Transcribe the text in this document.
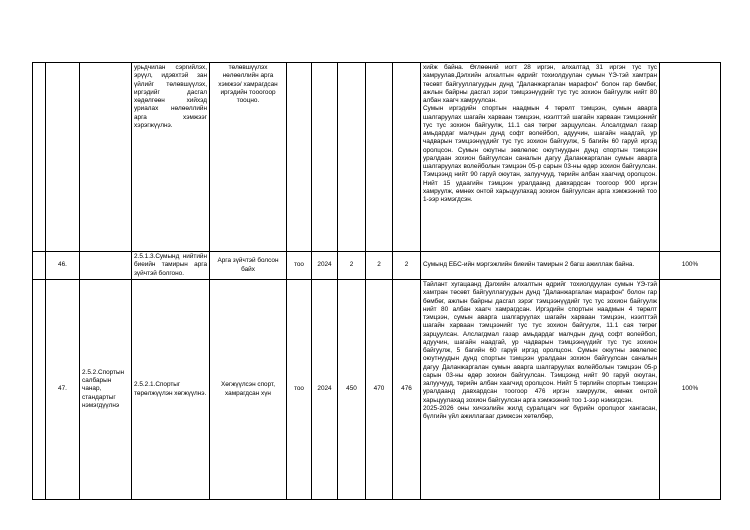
			урьдчилан сэргийлэх, эрүүл, идэвхтэй зан үйлийг төлөвшүүлэх, иргэдийг дасгал хөдөлгөөн хийхэд уриалах нөлөөллийн арга хэмжээг хэрэгжүүлнэ.	төлөвшүүлэх нөлөөллийн арга хэмжээ/ хамрагдсан иргэдийн тооогоор тооцно.						хийж байна. Өглөөний иогт 28 иргэн, алхалтад 31 иргэн тус тус хамруулав.Дэлхийн алхалтын өдрийг тохиолдуулан сумын ҮЭ-тэй хамтран төсөвт байгууллагуудын дунд "Даланжаргалан марафон" болон гар бөмбөг, ажлын байрны дасгал зэрэг тэмцээнүүдийг тус тус зохион байгуулж нийт 80 албан хаагч хамруулсан.
Сумын иргэдийн спортын наадмын 4 төрөлт тэмцээн, сумын аварга шалгаруулах шагайн харваан тэмцээн, нээлттэй шагайн харваан тэмцээнийг тус тус зохион байгуулж, 11.1 сая төгрөг зарцуулсан. Алсалгдмал газар амьдардаг малчдын дунд софт волейбол, адуучин, шагайн наадгай, ур чадварын тэмцээнүүдийг тус тус зохион байгуулж, 5 багийн 60 гаруй иргэд оролцсон. Сумын оюутны зөвлөлөс оюутнуудын дунд спортын тэмцээн уралдаан зохион байгуулсан саналын дагуу Даланжаргалан сумын аварга шалгаруулах волейболын тэмцээн 05-р сарын 03-ны өдөр зохион байгуулсан. Тэмцээнд нийт 90 гаруй оюутан, залуучууд, төрийн албан хаагчид оролцсон. Нийт 15 удаагийн тэмцээн уралдаанд давхардсан тоогоор 900 иргэн хамруулж, өмнөх онтой харьцуулахад зохион байгуулсан арга хэмжээний тоо 1-ээр нэмэгдсэн.	
	46.		2.5.1.3.Сумынд нийтийн биеийн тамирын арга зүйчтэй болгоно.	Арга зүйчтэй болсон байх	тоо	2024	2	2	2	Сумынд ЕБС-ийн мэргэжлийн биеийн тамирын 2 багш ажиллаж байна.	100%
	47.	2.5.2.Спортын салбарын чанар, стандартыг нэмэгдүүлнэ	2.5.2.1.Спортыг төрөлжүүлэн хөгжүүлнэ.	Хөгжүүлсэн спорт, хамрагдсан хүн	тоо	2024	450	470	476	Тайлант хугацаанд Дэлхийн алхалтын өдрийг тохиолдуулан сумын ҮЭ-тэй хамтран төсөвт байгууллагуудын дунд "Даланжаргалан марафон" болон гар бөмбөг, ажлын байрны дасгал зэрэг тэмцээнүүдийг тус тус зохион байгуулж нийт 80 албан хаагч хамрагдсан. Иргэдийн спортын наадмын 4 төрөлт тэмцээн, сумын аварга шалгаруулах шагайн харваан тэмцээн, нээлттэй шагайн харваан тэмцээнийг тус тус зохион байгуулж, 11.1 сая төгрөг зарцуулсан. Алслагдмал газар амьдардаг малчдын дунд софт волейбол, адуучин, шагайн наадгай, ур чадварын тэмцээнүүдийг тус тус зохион байгуулж, 5 багийн 60 гаруй иргэд оролцсон. Сумын оюутны зөвлөлөс оюутнуудын дунд спортын тэмцээн уралдаан зохион байгуулсан саналын дагуу Даланжаргалан сумын аварга шалгаруулах волейболын тэмцээн 05-р сарын 03-ны өдөр зохион байгуулсан. Тэмцээнд нийт 90 гаруй оюутан, залуучууд, төрийн албан хаагчид оролцсон. Нийт 5 төрлийн спортын тэмцээн уралдаанд давхардсан тоогоор 476 иргэн хамруулж, өмнөх онтой харьцуулахад зохион байгуулсан арга хэмжээний тоо 1-ээр нэмэгдсэн.
2025-2026 оны хичээлийн жилд суралцагч нэг бүрийн оролцоог хангасан, бүлгийн үйл ажиллагааг дэмжсэн хөтөлбөр,	100%
